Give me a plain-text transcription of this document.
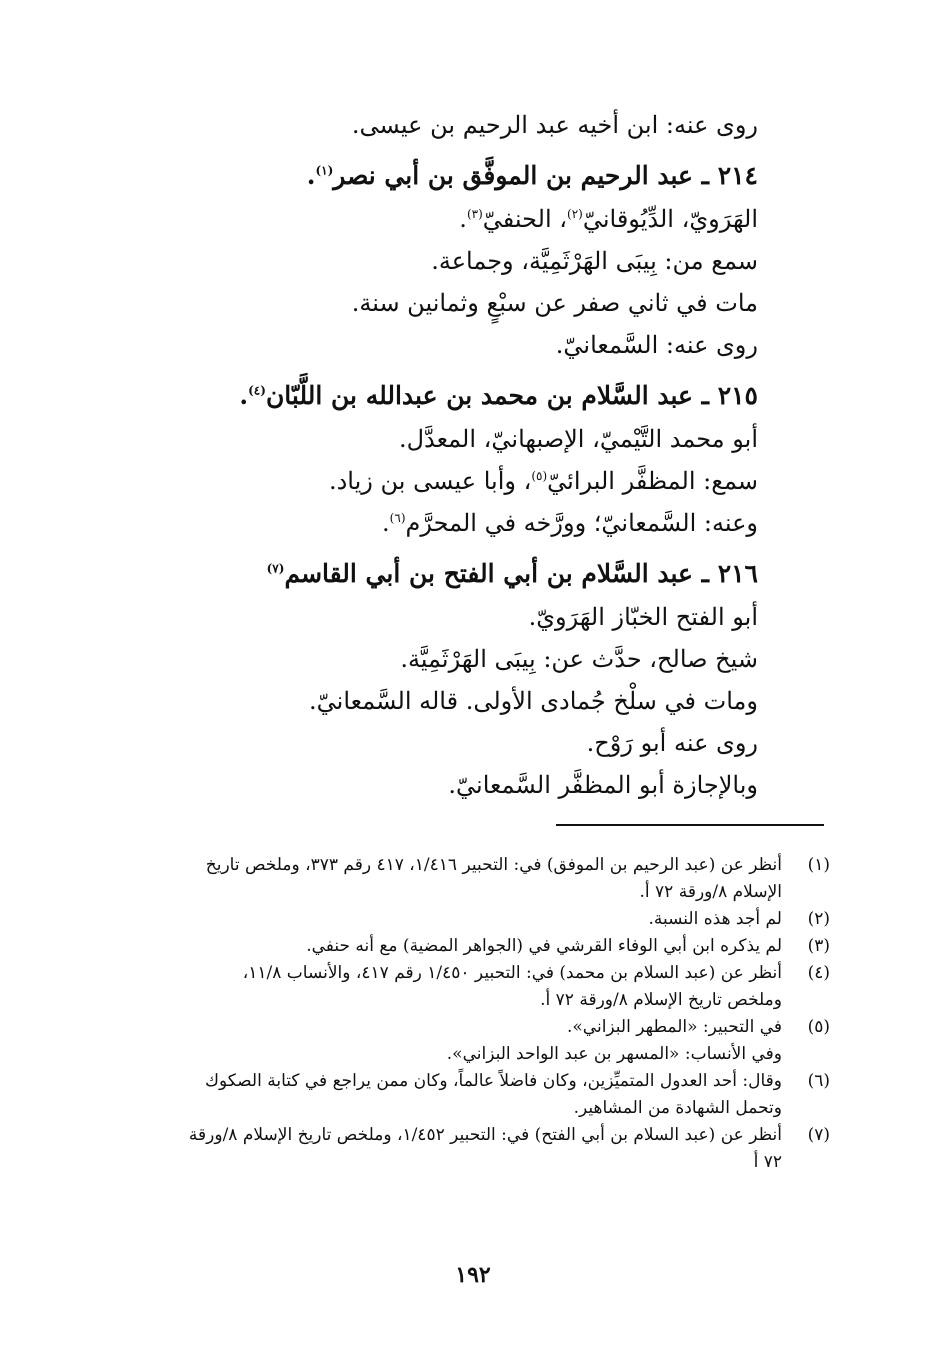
روى عنه: ابن أخيه عبد الرحيم بن عيسى.
٢١٤ ـ عبد الرحيم بن الموفَّق بن أبي نصر$^{(١)}$.
الهَرَويّ، الدِّيُوقانيّ$^{(٢)}$، الحنفيّ$^{(٣)}$.
سمع من: بِيبَى الهَرْثَمِيَّة، وجماعة.
مات في ثاني صفر عن سبْعٍ وثمانين سنة.
روى عنه: السَّمعانيّ.
٢١٥ ـ عبد السَّلام بن محمد بن عبدالله بن اللَّبّان$^{(٤)}$.
أبو محمد التَّيْميّ، الإصبهانيّ، المعدَّل.
سمع: المظفَّر البرائيّ$^{(٥)}$، وأبا عيسى بن زياد.
وعنه: السَّمعانيّ؛ وورَّخه في المحرَّم$^{(٦)}$.
٢١٦ ـ عبد السَّلام بن أبي الفتح بن أبي القاسم$^{(٧)}$
أبو الفتح الخبّاز الهَرَويّ.
شيخ صالح، حدَّث عن: بِيبَى الهَرْثَمِيَّة.
ومات في سلْخ جُمادى الأولى. قاله السَّمعانيّ.
روى عنه أبو رَوْح.
وبالإجازة أبو المظفَّر السَّمعانيّ.
(١)
أنظر عن (عبد الرحيم بن الموفق) في: التحبير ١/٤١٦، ٤١٧ رقم ٣٧٣، وملخص تاريخ
الإسلام ٨/ورقة ٧٢ أ.
(٢)
لم أجد هذه النسبة.
(٣)
لم يذكره ابن أبي الوفاء القرشي في (الجواهر المضية) مع أنه حنفي.
(٤)
أنظر عن (عبد السلام بن محمد) في: التحبير ١/٤٥٠ رقم ٤١٧، والأنساب ١١/٨،
وملخص تاريخ الإسلام ٨/ورقة ٧٢ أ.
(٥)
في التحبير: «المطهر البزاني».
وفي الأنساب: «المسهر بن عبد الواحد البزاني».
(٦)
وقال: أحد العدول المتميِّزين، وكان فاضلاً عالماً، وكان ممن يراجع في كتابة الصكوك
وتحمل الشهادة من المشاهير.
(٧)
أنظر عن (عبد السلام بن أبي الفتح) في: التحبير ١/٤٥٢، وملخص تاريخ الإسلام ٨/ورقة
٧٢ أ
١٩٢
